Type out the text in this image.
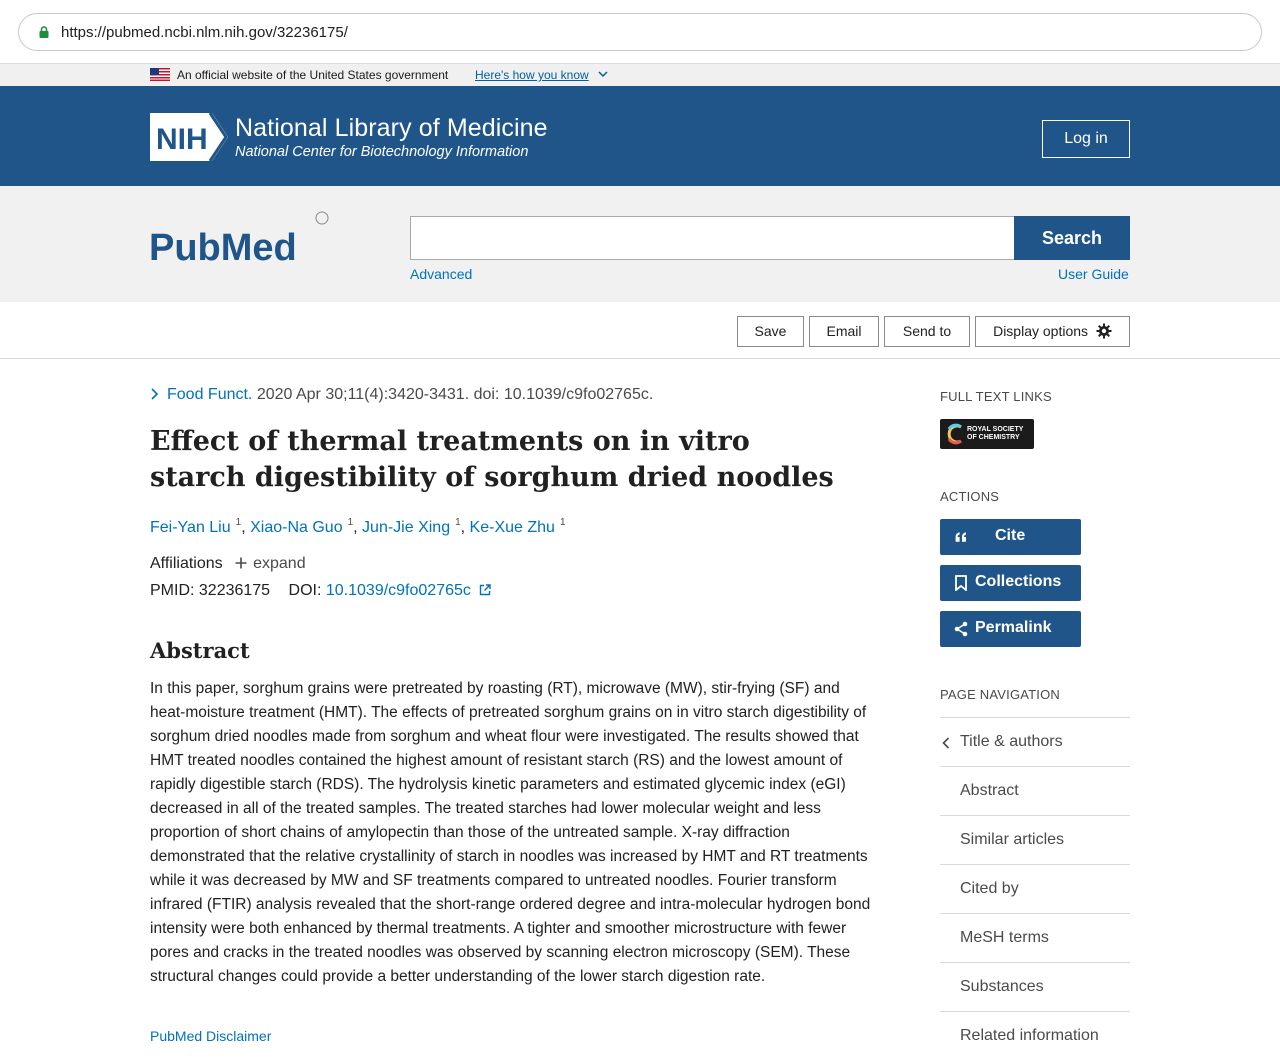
https://pubmed.ncbi.nlm.nih.gov/32236175/
An official website of the United States government Here's how you know
NIH National Library of Medicine
National Center for Biotechnology Information
Log in
PubMed	Search
Advanced	User Guide
Save	Email	Send to	Display options
Food Funct. 2020 Apr 30;11(4):3420-3431. doi: 10.1039/c9fo02765c.
Effect of thermal treatments on in vitro starch digestibility of sorghum dried noodles
Fei-Yan Liu $^1$, Xiao-Na Guo $^1$, Jun-Jie Xing $^1$, Ke-Xue Zhu $^1$
Affiliations expand
PMID: 32236175 DOI: 10.1039/c9fo02765c
Abstract

In this paper, sorghum grains were pretreated by roasting (RT), microwave (MW), stir-frying (SF) and heat-moisture treatment (HMT). The effects of pretreated sorghum grains on in vitro starch digestibility of sorghum dried noodles made from sorghum and wheat flour were investigated. The results showed that HMT treated noodles contained the highest amount of resistant starch (RS) and the lowest amount of rapidly digestible starch (RDS). The hydrolysis kinetic parameters and estimated glycemic index (eGI) decreased in all of the treated samples. The treated starches had lower molecular weight and less proportion of short chains of amylopectin than those of the untreated sample. X-ray diffraction demonstrated that the relative crystallinity of starch in noodles was increased by HMT and RT treatments while it was decreased by MW and SF treatments compared to untreated noodles. Fourier transform infrared (FTIR) analysis revealed that the short-range ordered degree and intra-molecular hydrogen bond intensity were both enhanced by thermal treatments. A tighter and smoother microstructure with fewer pores and cracks in the treated noodles was observed by scanning electron microscopy (SEM). These structural changes could provide a better understanding of the lower starch digestion rate.

PubMed Disclaimer
FULL TEXT LINKS
ROYAL SOCIETY
OF CHEMISTRY
ACTIONS
Cite
Collections
Permalink
PAGE NAVIGATION
Title & authors
Abstract
Similar articles
Cited by
MeSH terms
Substances
Related information
